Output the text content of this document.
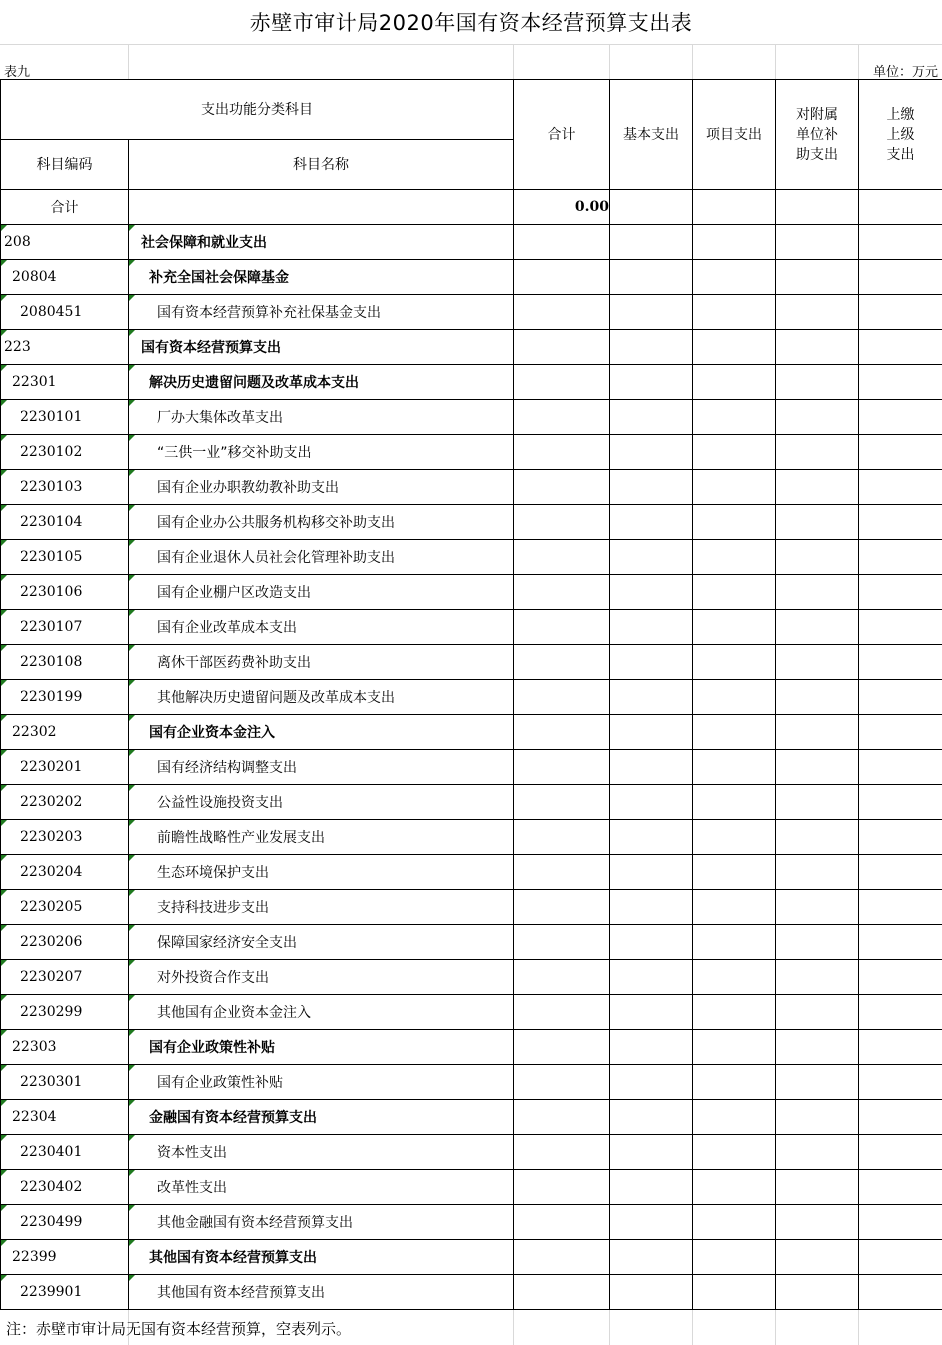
赤壁市审计局2020年国有资本经营预算支出表
表九	单位：万元
支出功能分类科目		合计	基本支出	项目支出	对附属单位补助支出	上缴上级支出

科目编码	科目名称					
合计		0.00				

208	社会保障和就业支出					

20804	补充全国社会保障基金					

2080451	国有资本经营预算补充社保基金支出					

223	国有资本经营预算支出					

22301	解决历史遗留问题及改革成本支出					

2230101	厂办大集体改革支出					

2230102	“三供一业”移交补助支出					

2230103	国有企业办职教幼教补助支出					

2230104	国有企业办公共服务机构移交补助支出					

2230105	国有企业退休人员社会化管理补助支出					

2230106	国有企业棚户区改造支出					

2230107	国有企业改革成本支出					

2230108	离休干部医药费补助支出					

2230199	其他解决历史遗留问题及改革成本支出					

22302	国有企业资本金注入					

2230201	国有经济结构调整支出					

2230202	公益性设施投资支出					

2230203	前瞻性战略性产业发展支出					

2230204	生态环境保护支出					

2230205	支持科技进步支出					

2230206	保障国家经济安全支出					

2230207	对外投资合作支出					

2230299	其他国有企业资本金注入					

22303	国有企业政策性补贴					

2230301	国有企业政策性补贴					

22304	金融国有资本经营预算支出					

2230401	资本性支出					

2230402	改革性支出					

2230499	其他金融国有资本经营预算支出					

22399	其他国有资本经营预算支出					

2239901	其他国有资本经营预算支出					
注：赤壁市审计局无国有资本经营预算，空表列示。
